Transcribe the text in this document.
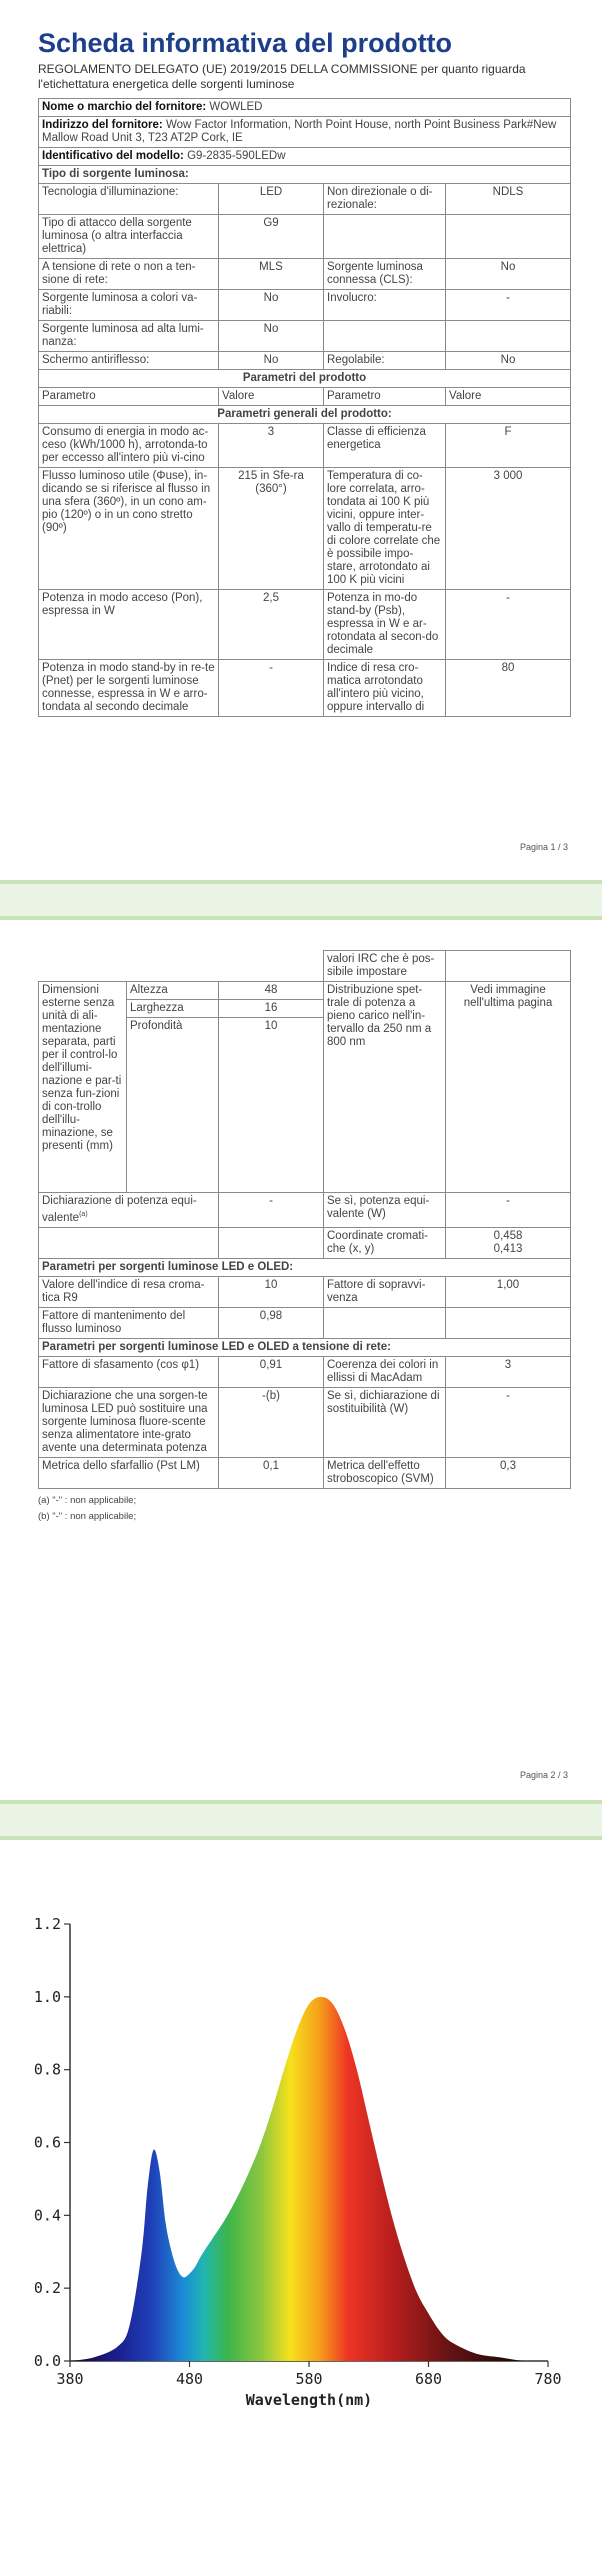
Scheda informativa del prodotto
REGOLAMENTO DELEGATO (UE) 2019/2015 DELLA COMMISSIONE per quanto riguarda l'etichettatura energetica delle sorgenti luminose
Nome o marchio del fornitore: WOWLED			
Indirizzo del fornitore: Wow Factor Information, North Point House, north Point Business Park#New Mallow Road Unit 3, T23 AT2P Cork, IE			
Identificativo del modello: G9-2835-590LEDw			
Tipo di sorgente luminosa:			
Tecnologia d'illuminazione:	LED	Non direzionale o di-rezionale:	NDLS
Tipo di attacco della sorgente luminosa (o altra interfaccia elettrica)	G9		
A tensione di rete o non a ten-sione di rete:	MLS	Sorgente luminosa connessa (CLS):	No
Sorgente luminosa a colori va-riabili:	No	Involucro:	-
Sorgente luminosa ad alta lumi-nanza:	No		
Schermo antiriflesso:	No	Regolabile:	No
Parametri del prodotto			
Parametro	Valore	Parametro	Valore
Parametri generali del prodotto:			
Consumo di energia in modo ac-ceso (kWh/1000 h), arrotonda-to per eccesso all'intero più vi-cino	3	Classe di efficienza energetica	F
Flusso luminoso utile (Φuse), in-dicando se si riferisce al flusso in una sfera (360º), in un cono am-pio (120º) o in un cono stretto (90º)	215 in Sfe-ra (360°)	Temperatura di co-lore correlata, arro-tondata ai 100 K più vicini, oppure inter-vallo di temperatu-re di colore correlate che è possibile impo-stare, arrotondato ai 100 K più vicini	3 000
Potenza in modo acceso (Pon), espressa in W	2,5	Potenza in mo-do stand-by (Psb), espressa in W e ar-rotondata al secon-do decimale	-
Potenza in modo stand-by in re-te (Pnet) per le sorgenti luminose connesse, espressa in W e arro-tondata al secondo decimale	-	Indice di resa cro-matica arrotondato all'intero più vicino, oppure intervallo di	80
Pagina 1 / 3
			valori IRC che è pos-sibile impostare	
Dimensioni esterne senza unità di ali-mentazione separata, parti per il control-lo dell'illumi-nazione e par-ti senza fun-zioni di con-trollo dell'illu-minazione, se presenti (mm)	Altezza	48	Distribuzione spet-trale di potenza a pieno carico nell'in-tervallo da 250 nm a 800 nm	Vedi immagine nell'ultima pagina
	Larghezza	16		
	Profondità	10		
Dichiarazione di potenza equi-valente$^{(a)}$		-	Se sì, potenza equi-valente (W)	-
			Coordinate cromati-che (x, y)	0,458
0,413

Parametri per sorgenti luminose LED e OLED:				
Valore dell'indice di resa croma-tica R9		10	Fattore di sopravvi-venza	1,00
Fattore di mantenimento del flusso luminoso		0,98		
Parametri per sorgenti luminose LED e OLED a tensione di rete:				
Fattore di sfasamento (cos φ1)		0,91	Coerenza dei colori in ellissi di MacAdam	3
Dichiarazione che una sorgen-te luminosa LED può sostituire una sorgente luminosa fluore-scente senza alimentatore inte-grato avente una determinata potenza		-(b)	Se sì, dichiarazione di sostituibilità (W)	-
Metrica dello sfarfallio (Pst LM)		0,1	Metrica dell'effetto stroboscopico (SVM)	0,3
(a) "-" : non applicabile;
(b) "-" : non applicabile;
Pagina 2 / 3
0.0
0.2
0.4
0.6
0.8
1.0
1.2
380	480	580	680	780
Wavelength(nm)
